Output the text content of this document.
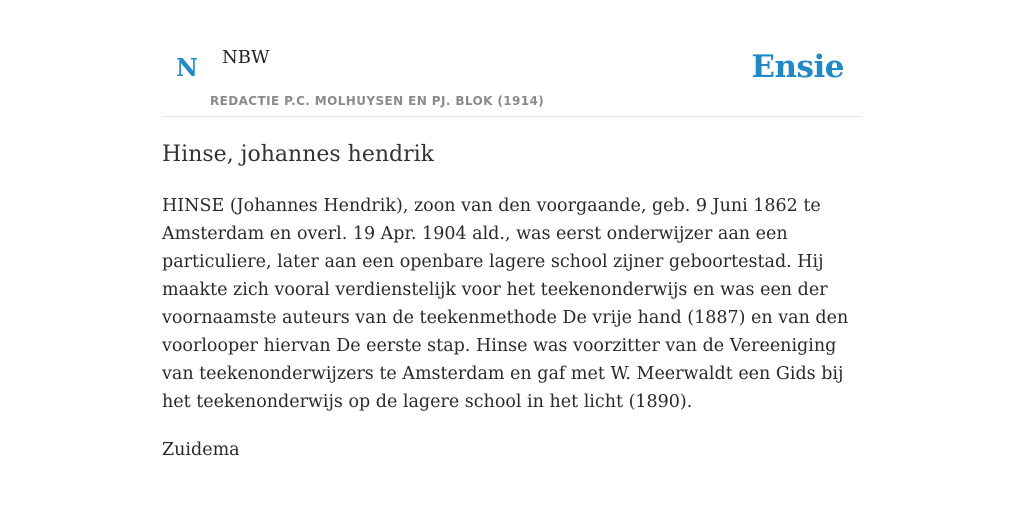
N NBW
REDACTIE P.C. MOLHUYSEN EN PJ. BLOK (1914)
Ensie
Hinse, johannes hendrik

HINSE (Johannes Hendrik), zoon van den voorgaande, geb. 9 Juni 1862 te Amsterdam en overl. 19 Apr. 1904 ald., was eerst onderwijzer aan een particuliere, later aan een openbare lagere school zijner geboortestad. Hij maakte zich vooral verdienstelijk voor het teekenonderwijs en was een der voornaamste auteurs van de teekenmethode De vrije hand (1887) en van den voorlooper hiervan De eerste stap. Hinse was voorzitter van de Vereeniging van teekenonderwijzers te Amsterdam en gaf met W. Meerwaldt een Gids bij het teekenonderwijs op de lagere school in het licht (1890).

Zuidema
